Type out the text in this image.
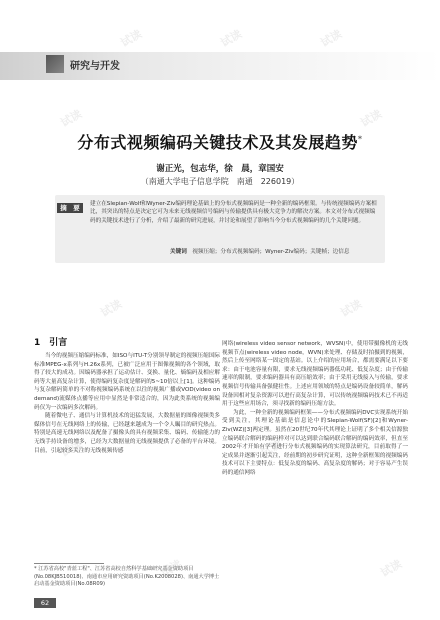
试读	试读	试读
试读
试读
试读
试读
试读
试读
试读
试读
研究与开发
分布式视频编码关键技术及其发展趋势*
谢正光，包志华，徐　晨，章国安
（南通大学电子信息学院　南通　226019）
摘　要	建立在Slepian-Wolf和Wyner-Ziv编码理论基础上的分布式视频编码是一种全新的编码框架。与传统视频编码方案相比，其突出的特点是决定它可为未来无线视频信号编码与传输提供具有极大竞争力的解决方案。本文对分布式视频编码的关键技术进行了分析，介绍了最新的研究进展，并讨论和展望了影响当今分布式视频编码的几个关键问题。
关键词　 视频压缩；分布式视频编码；Wyner-Ziv编码；关键帧；边信息
1　引言

当今的视频压缩编码标准，如ISO与ITU-T分别领导制定的视频压缩国际标准MPEG-x系列与H.26x系列，已被广泛应用于图像视频的各个领域，取得了较大的成功。因编码器承担了运动估计、变换、量化、熵编码及相应解码等大量高复杂计算，使得编码复杂度是解码的5~10倍以上[1]。这种编码与复杂解码简单的不对称视频编码系统在以往的视频广播或VOD(video on demand)流媒体点播等应用中显然是非常适合的，因为此类系统的视频编码仅为一次编码多次解码。

随着微电子、通信与计算机技术的迅猛发展，大数据量的图像视频类多媒体信号在无线网络上的传输，已经越来越成为一个令人瞩目的研究热点。特别是高速无线网络以及配备了摄像头的具有视频采集、编码、传输能力的无线手持设备的增多，已经为大数据量的无线视频提供了必备的平台环境。目前，引起较多关注的无线视频传感

网络(wireless video sensor network，WVSN)中，使用带摄像机的无线视频节点(wireless video node，WVN)来处理、存储及时拍摄到的视频，然后上传至网络某一固定的基站。以上介绍的应用场合，都需要满足以下要求：由于电池容量有限，要求无线视频编码器低功耗、低复杂度；由于传输速率的限制，要求编码器具有高压缩效率；由于采用无线接入与传输，要求视频信号传输具备强健壮性。上述应用领域的特点是编码设备较简单，解码设备因相对复杂资源可以进行高复杂计算，可以传统视频编码技术已不再适用于这些应用场合，须寻找新的编码压缩方法。

为此，一种全新的视频编码框架——分布式视频编码DVC实现系统开始受到关注，其理论基础是信息论中的Slepian-Wolf(SF)[2]和Wyner-Ziv(WZ)[3]两定理。虽然在20世纪70年代其理论上证明了多个相关信源独立编码联合解码的编码样对可以达到联合编码联合解码的编码效率，但直至2002年才开始有学者进行分布式视频编码的实现算法研究，目前取得了一定成果并逐渐引起关注，经前期的初步研究证明，这种全新框架的视频编码技术可以下主要特点：低复杂度的编码、高复杂度的解码；对于容易产生误码的通信网络

* 江苏省高校"青蓝工程"、江苏省高校自然科学基础研究基金资助项目(No.08KJB510018)、南通市应用研究资助项目(No.K2008028)、南通大学博士启动基金资助项目(No.08R09)
62
